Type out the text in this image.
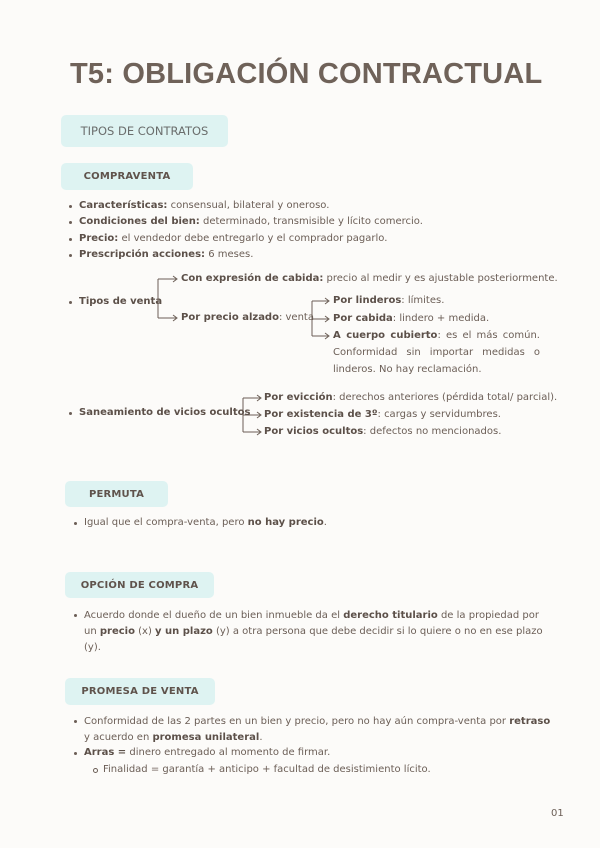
T5: OBLIGACIÓN CONTRACTUAL
TIPOS DE CONTRATOS
COMPRAVENTA
Características: consensual, bilateral y oneroso.
Condiciones del bien: determinado, transmisible y lícito comercio.
Precio: el vendedor debe entregarlo y el comprador pagarlo.
Prescripción acciones: 6 meses.
Tipos de venta
Con expresión de cabida: precio al medir y es ajustable posteriormente.
Por precio alzado: venta
Por linderos: límites.
Por cabida: lindero + medida.
A cuerpo cubierto: es el más común. Conformidad sin importar medidas o linderos. No hay reclamación.
Saneamiento de vicios ocultos
Por evicción: derechos anteriores (pérdida total/ parcial).
Por existencia de 3º: cargas y servidumbres.
Por vicios ocultos: defectos no mencionados.
PERMUTA
Igual que el compra-venta, pero no hay precio.
OPCIÓN DE COMPRA
Acuerdo donde el dueño de un bien inmueble da el derecho titulario de la propiedad por un precio (x) y un plazo (y) a otra persona que debe decidir si lo quiere o no en ese plazo (y).
PROMESA DE VENTA
Conformidad de las 2 partes en un bien y precio, pero no hay aún compra-venta por retraso y acuerdo en promesa unilateral.
Arras = dinero entregado al momento de firmar.
Finalidad = garantía + anticipo + facultad de desistimiento lícito.
01
